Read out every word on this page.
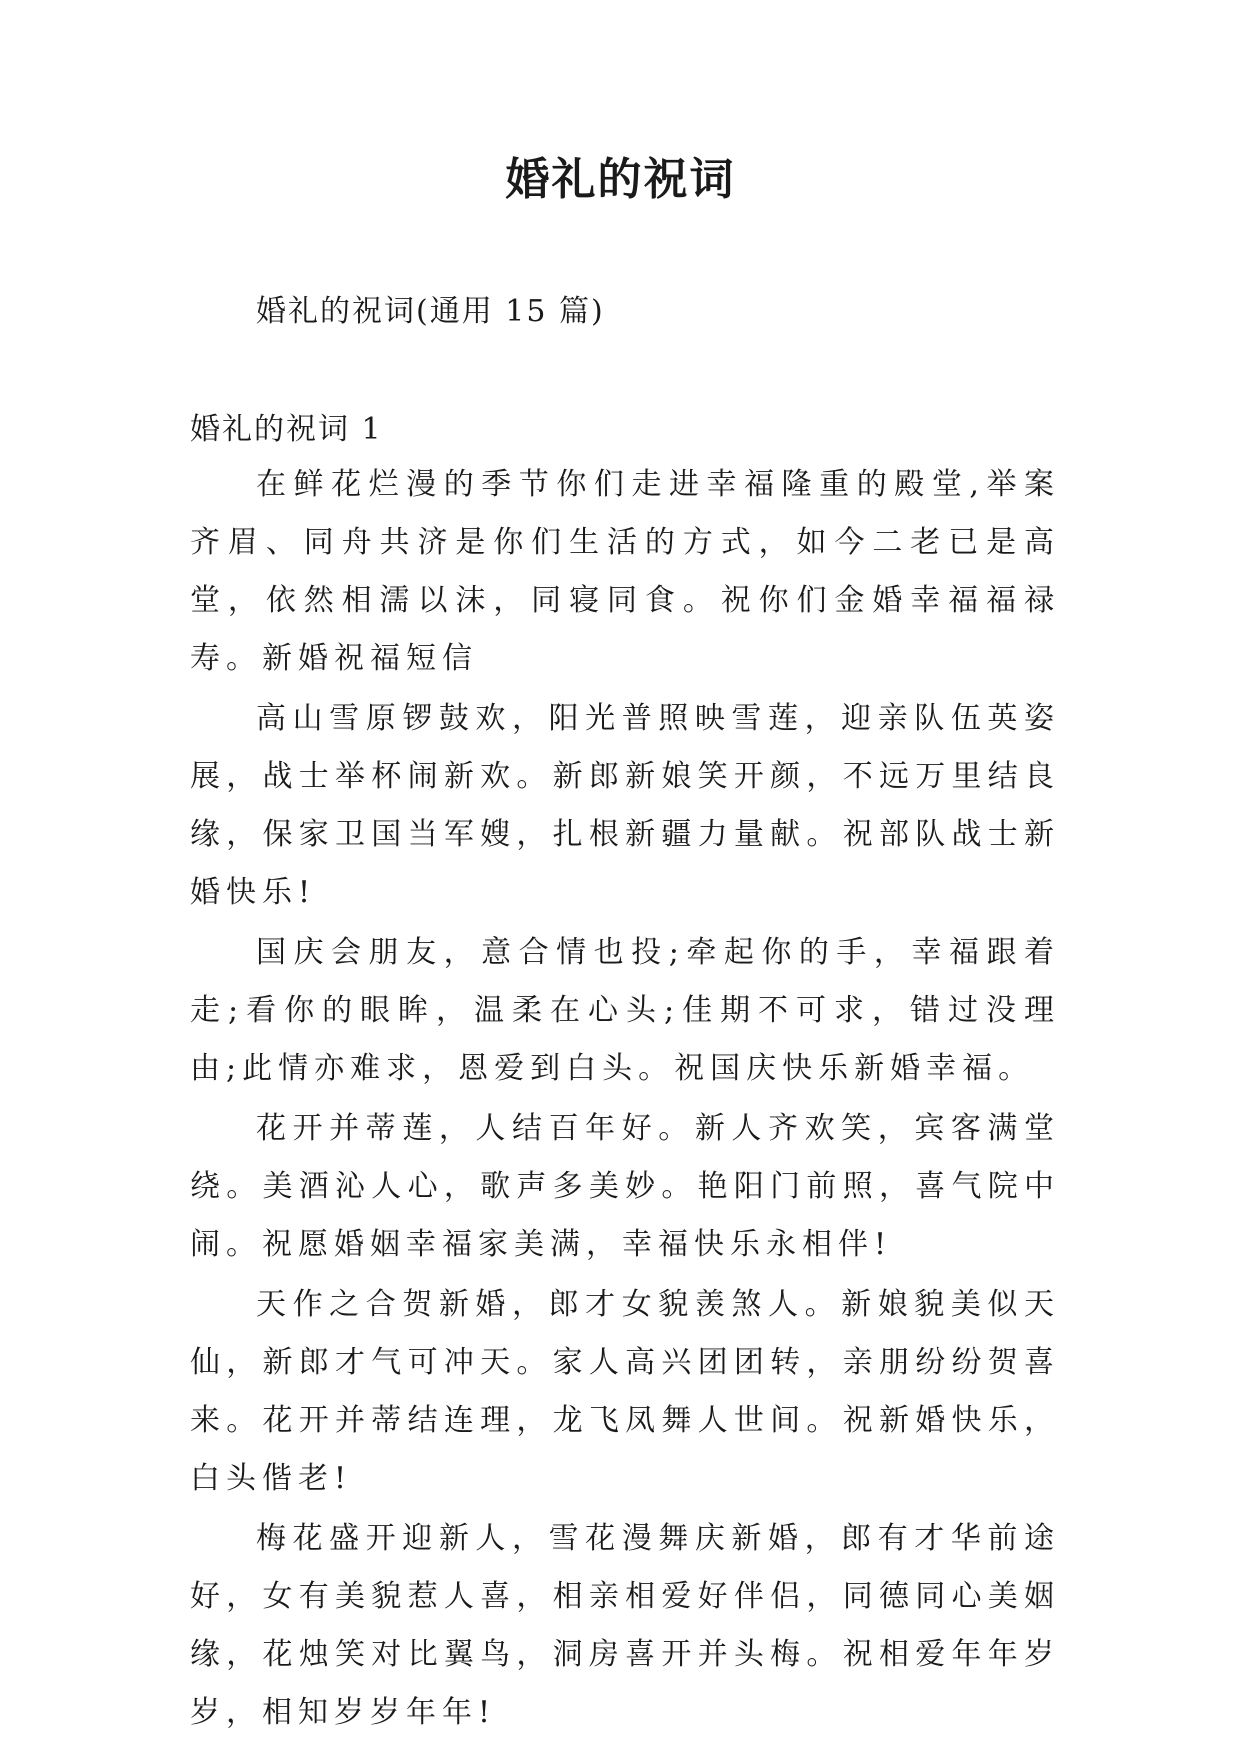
婚礼的祝词

婚礼的祝词(通用 15 篇)

婚礼的祝词 1

在鲜花烂漫的季节你们走进幸福隆重的殿堂,举案齐眉、同舟共济是你们生活的方式，如今二老已是高堂，依然相濡以沫，同寝同食。祝你们金婚幸福福禄寿。新婚祝福短信

高山雪原锣鼓欢，阳光普照映雪莲，迎亲队伍英姿展，战士举杯闹新欢。新郎新娘笑开颜，不远万里结良缘，保家卫国当军嫂，扎根新疆力量献。祝部队战士新婚快乐!

国庆会朋友，意合情也投;牵起你的手，幸福跟着走;看你的眼眸，温柔在心头;佳期不可求，错过没理由;此情亦难求，恩爱到白头。祝国庆快乐新婚幸福。

花开并蒂莲，人结百年好。新人齐欢笑，宾客满堂绕。美酒沁人心，歌声多美妙。艳阳门前照，喜气院中闹。祝愿婚姻幸福家美满，幸福快乐永相伴!

天作之合贺新婚，郎才女貌羡煞人。新娘貌美似天仙，新郎才气可冲天。家人高兴团团转，亲朋纷纷贺喜来。花开并蒂结连理，龙飞凤舞人世间。祝新婚快乐，白头偕老!

梅花盛开迎新人，雪花漫舞庆新婚，郎有才华前途好，女有美貌惹人喜，相亲相爱好伴侣，同德同心美姻缘，花烛笑对比翼鸟，洞房喜开并头梅。祝相爱年年岁岁，相知岁岁年年!
